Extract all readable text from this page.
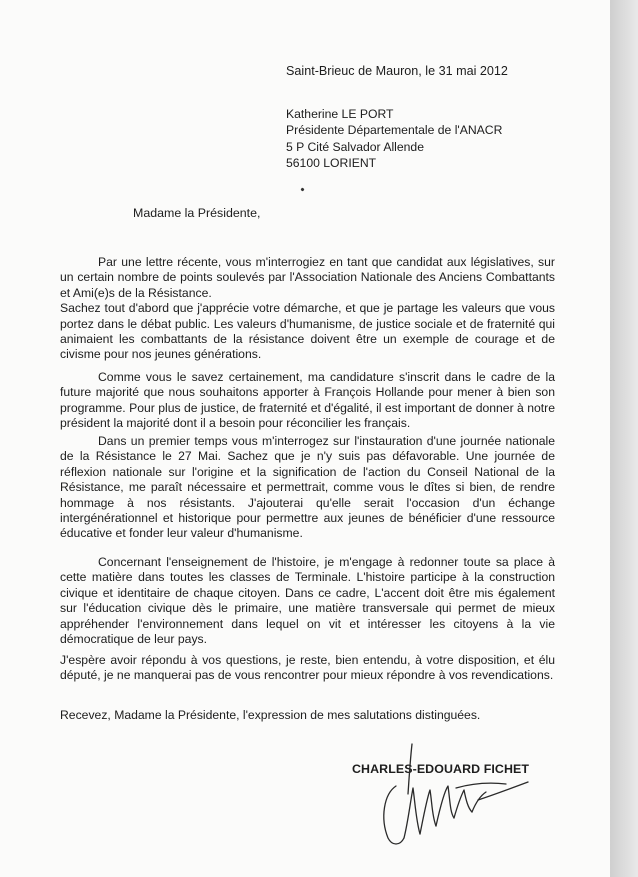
Saint-Brieuc de Mauron, le 31 mai 2012
Katherine LE PORT
Présidente Départementale de l'ANACR
5 P Cité Salvador Allende
56100 LORIENT
Madame la Présidente,

Par une lettre récente, vous m'interrogiez en tant que candidat aux législatives, sur un certain nombre de points soulevés par l'Association Nationale des Anciens Combattants et Ami(e)s de la Résistance.

Sachez tout d'abord que j'apprécie votre démarche, et que je partage les valeurs que vous portez dans le débat public. Les valeurs d'humanisme, de justice sociale et de fraternité qui animaient les combattants de la résistance doivent être un exemple de courage et de civisme pour nos jeunes générations.

Comme vous le savez certainement, ma candidature s'inscrit dans le cadre de la future majorité que nous souhaitons apporter à François Hollande pour mener à bien son programme. Pour plus de justice, de fraternité et d'égalité, il est important de donner à notre président la majorité dont il a besoin pour réconcilier les français.

Dans un premier temps vous m'interrogez sur l'instauration d'une journée nationale de la Résistance le 27 Mai. Sachez que je n'y suis pas défavorable. Une journée de réflexion nationale sur l'origine et la signification de l'action du Conseil National de la Résistance, me paraît nécessaire et permettrait, comme vous le dîtes si bien, de rendre hommage à nos résistants. J'ajouterai qu'elle serait l'occasion d'un échange intergénérationnel et historique pour permettre aux jeunes de bénéficier d'une ressource éducative et fonder leur valeur d'humanisme.

Concernant l'enseignement de l'histoire, je m'engage à redonner toute sa place à cette matière dans toutes les classes de Terminale. L'histoire participe à la construction civique et identitaire de chaque citoyen. Dans ce cadre, L'accent doit être mis également sur l'éducation civique dès le primaire, une matière transversale qui permet de mieux appréhender l'environnement dans lequel on vit et intéresser les citoyens à la vie démocratique de leur pays.

J'espère avoir répondu à vos questions, je reste, bien entendu, à votre disposition, et élu député, je ne manquerai pas de vous rencontrer pour mieux répondre à vos revendications.

Recevez, Madame la Présidente, l'expression de mes salutations distinguées.

CHARLES-EDOUARD FICHET
